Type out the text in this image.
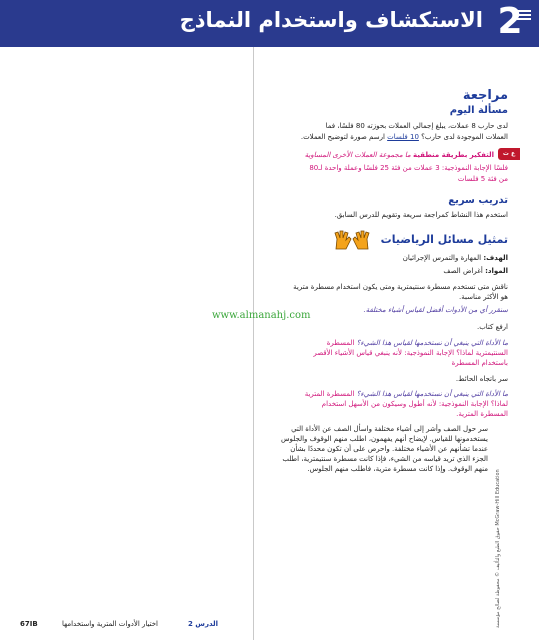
2
الاستكشاف واستخدام النماذج
مراجعة
مسألة اليوم
لدى حارب 8 عملات، يبلغ إجمالي العملات بحوزته 80 فلسًا، فما
العملات الموجودة لدى حارب؟ 10 فلسات ارسم صورة لتوضيح العملات.
ع ت
التفكير بطريقة منطقية ما مجموعة العملات الأخرى المساوية
فلسًا الإجابة النموذجية: 3 عملات من فئة 25 فلسًا وعملة واحدة لـ80
من فئة 5 فلسات
تدريب سريع
استخدم هذا النشاط كمراجعة سريعة وتقويم للدرس السابق.
تمثيل مسائل الرياضيات
الهدف: المهارة والتمرس الإجرائيان
المواد: أغراض الصف
ناقش متى تستخدم مسطرة سنتيمترية ومتى يكون استخدام مسطرة مترية
هو الأكثر مناسبة.
www.almanahj.com	سنقرر أي من الأدوات أفضل لقياس أشياء مختلفة.
ارفع كتاب.
ما الأداة التي ينبغي أن نستخدمها لقياس هذا الشيء؟ المسطرة
السنتيمترية لماذا؟ الإجابة النموذجية: لأنه ينبغي قياس الأشياء الأقصر
باستخدام المسطرة
سر باتجاه الحائط.
ما الأداة التي ينبغي أن نستخدمها لقياس هذا الشيء؟ المسطرة المترية
لماذا؟ الإجابة النموذجية: لأنه أطول وسيكون من الأسهل استخدام
المسطرة المترية.
سر حول الصف وأشر إلى أشياء مختلفة واسأل الصف عن الأداة التي
يستخدمونها للقياس. لإيضاح أنهم يفهمون، اطلب منهم الوقوف والجلوس
عندما تشأنهم عن الأشياء مختلفة. واحرص على أن تكون محددًا بشأن
الجزء الذي تريد قياسه من الشيء، فإذا كانت مسطرة سنتيمترية، اطلب
منهم الوقوف. وإذا كانت مسطرة مترية، فاطلب منهم الجلوس.
حقوق الطبع والتأليف © محفوظة لصالح مؤسسة McGraw-Hill Education
67IB	اختيار الأدوات المترية واستخدامها	الدرس 2
